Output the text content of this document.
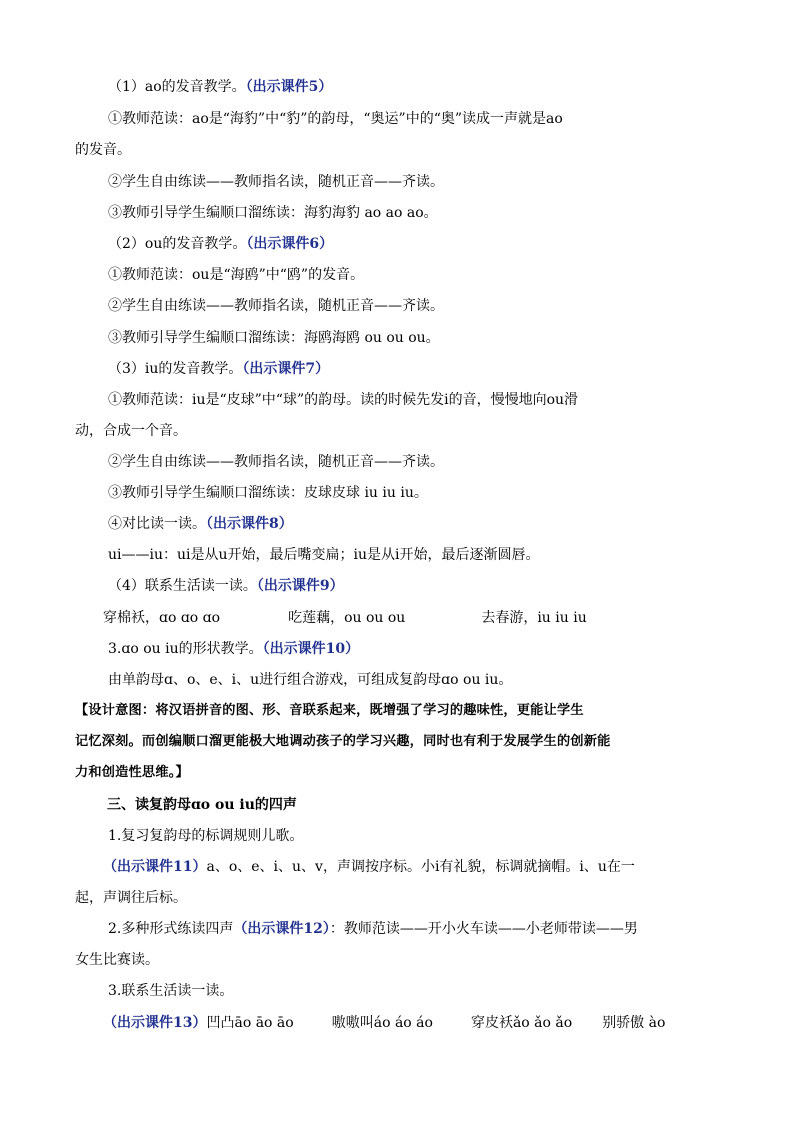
（1）ao的发音教学。（出示课件5）
①教师范读：ao是“海豹”中“豹”的韵母，“奥运”中的“奥”读成一声就是ao
的发音。
②学生自由练读——教师指名读，随机正音——齐读。
③教师引导学生编顺口溜练读：海豹海豹 ao ao ao。
（2）ou的发音教学。（出示课件6）
①教师范读：ou是“海鸥”中“鸥”的发音。
②学生自由练读——教师指名读，随机正音——齐读。
③教师引导学生编顺口溜练读：海鸥海鸥 ou ou ou。
（3）iu的发音教学。（出示课件7）
①教师范读：iu是“皮球”中“球”的韵母。读的时候先发i的音，慢慢地向ou滑
动，合成一个音。
②学生自由练读——教师指名读，随机正音——齐读。
③教师引导学生编顺口溜练读：皮球皮球 iu iu iu。
④对比读一读。（出示课件8）
ui——iu：ui是从u开始，最后嘴变扁；iu是从i开始，最后逐渐圆唇。
（4）联系生活读一读。（出示课件9）
穿棉袄，ɑo ɑo ɑo	吃莲藕，ou ou ou	去春游，iu iu iu
3.ɑo ou iu的形状教学。（出示课件10）
由单韵母ɑ、o、e、i、u进行组合游戏，可组成复韵母ɑo ou iu。
【设计意图：将汉语拼音的图、形、音联系起来，既增强了学习的趣味性，更能让学生
记忆深刻。而创编顺口溜更能极大地调动孩子的学习兴趣，同时也有利于发展学生的创新能
力和创造性思维。】
三、读复韵母ɑo ou iu的四声
1.复习复韵母的标调规则儿歌。
（出示课件11）a、o、e、i、u、v，声调按序标。小i有礼貌，标调就摘帽。i、u在一
起，声调往后标。
2.多种形式练读四声（出示课件12）：教师范读——开小火车读——小老师带读——男
女生比赛读。
3.联系生活读一读。
（出示课件13）凹凸āo āo āo	嗷嗷叫áo áo áo	穿皮袄ǎo ǎo ǎo 别骄傲 ào
